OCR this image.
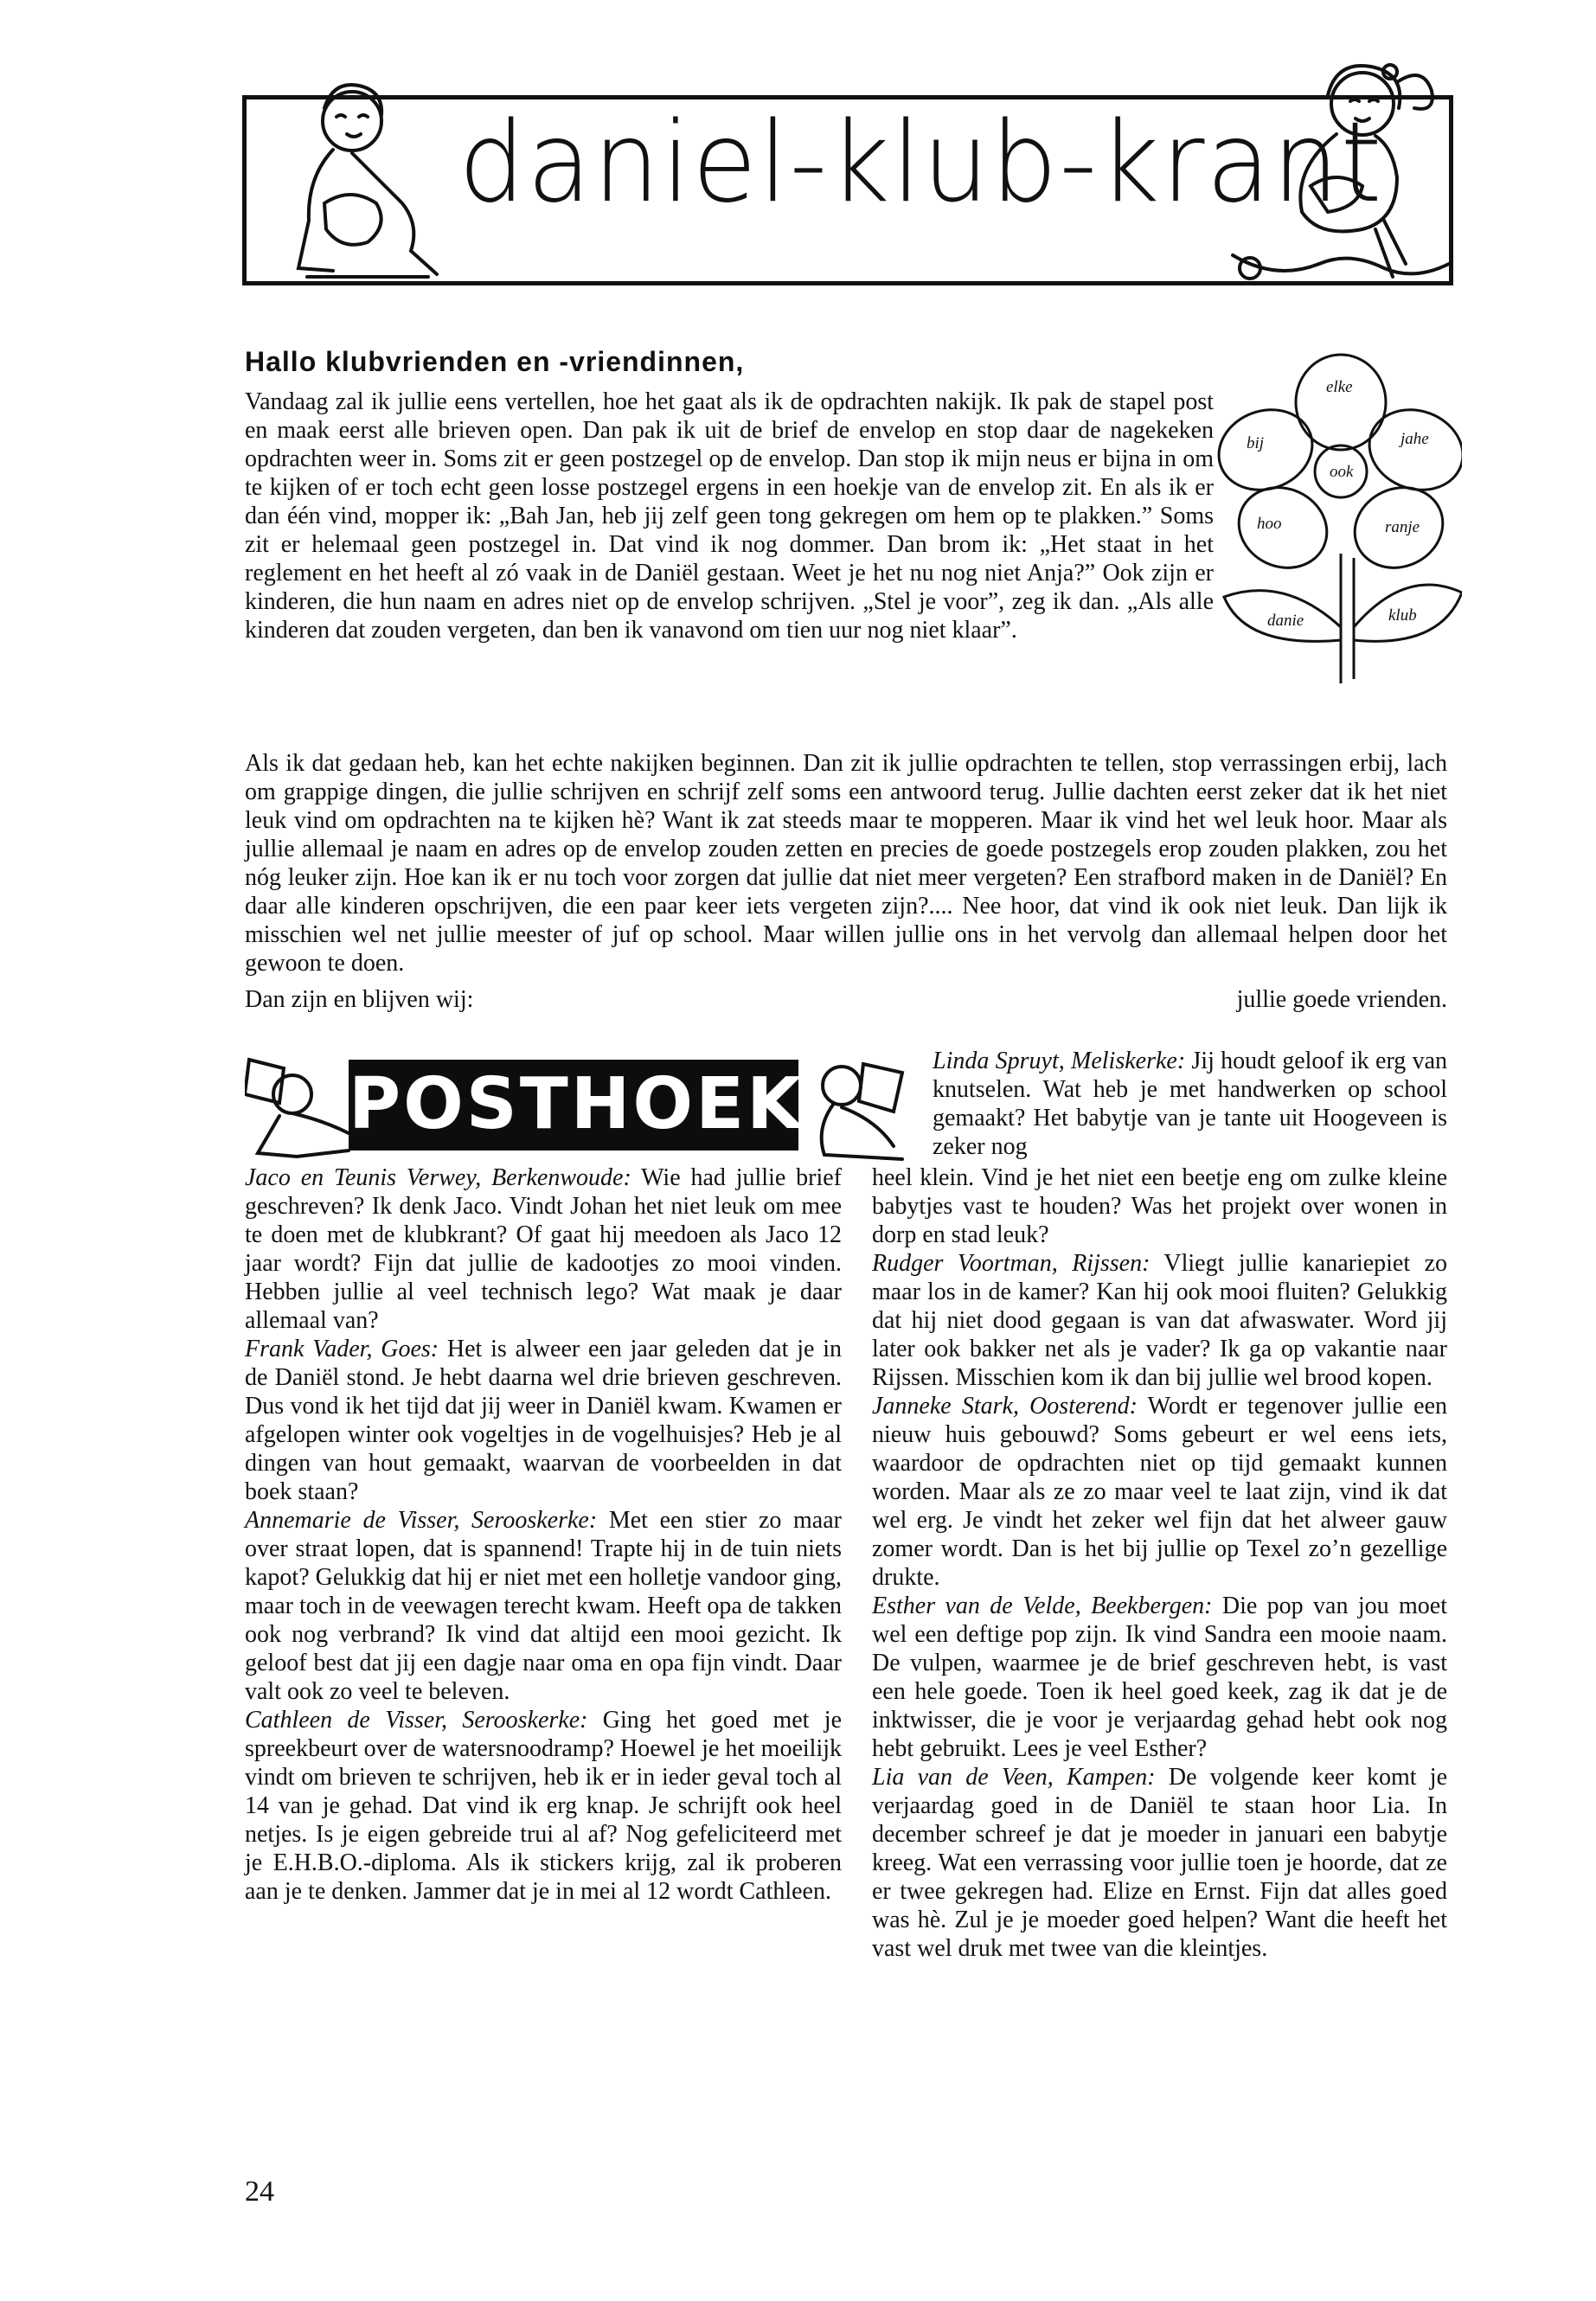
daniel-klub-krant
bij
elke
jahe
hoo	ranje
ook
danie	klub
Hallo klubvrienden en -vriendinnen,

Vandaag zal ik jullie eens vertellen, hoe het gaat als ik de opdrachten nakijk. Ik pak de stapel post en maak eerst alle brieven open. Dan pak ik uit de brief de envelop en stop daar de nagekeken opdrachten weer in. Soms zit er geen postzegel op de envelop. Dan stop ik mijn neus er bijna in om te kijken of er toch echt geen losse postzegel ergens in een hoekje van de envelop zit. En als ik er dan één vind, mopper ik: „Bah Jan, heb jij zelf geen tong gekregen om hem op te plakken.” Soms zit er helemaal geen postzegel in. Dat vind ik nog dommer. Dan brom ik: „Het staat in het reglement en het heeft al zó vaak in de Daniël gestaan. Weet je het nu nog niet Anja?” Ook zijn er kinderen, die hun naam en adres niet op de envelop schrijven. „Stel je voor”, zeg ik dan. „Als alle kinderen dat zouden vergeten, dan ben ik vanavond om tien uur nog niet klaar”.

Als ik dat gedaan heb, kan het echte nakijken beginnen. Dan zit ik jullie opdrachten te tellen, stop verrassingen erbij, lach om grappige dingen, die jullie schrijven en schrijf zelf soms een antwoord terug. Jullie dachten eerst zeker dat ik het niet leuk vind om opdrachten na te kijken hè? Want ik zat steeds maar te mopperen. Maar ik vind het wel leuk hoor. Maar als jullie allemaal je naam en adres op de envelop zouden zetten en precies de goede postzegels erop zouden plakken, zou het nóg leuker zijn. Hoe kan ik er nu toch voor zorgen dat jullie dat niet meer vergeten? Een strafbord maken in de Daniël? En daar alle kinderen opschrijven, die een paar keer iets vergeten zijn?.... Nee hoor, dat vind ik ook niet leuk. Dan lijk ik misschien wel net jullie meester of juf op school. Maar willen jullie ons in het vervolg dan allemaal helpen door het gewoon te doen.

Dan zijn en blijven wij:	jullie goede vrienden.
POSTHOEKJE

Linda Spruyt, Meliskerke: Jij houdt geloof ik erg van knutselen. Wat heb je met handwerken op school gemaakt? Het babytje van je tante uit Hoogeveen is zeker nog

Jaco en Teunis Verwey, Berkenwoude: Wie had jullie brief geschreven? Ik denk Jaco. Vindt Johan het niet leuk om mee te doen met de klubkrant? Of gaat hij meedoen als Jaco 12 jaar wordt? Fijn dat jullie de kadootjes zo mooi vinden. Hebben jullie al veel technisch lego? Wat maak je daar allemaal van?

Frank Vader, Goes: Het is alweer een jaar geleden dat je in de Daniël stond. Je hebt daarna wel drie brieven geschreven. Dus vond ik het tijd dat jij weer in Daniël kwam. Kwamen er afgelopen winter ook vogeltjes in de vogelhuisjes? Heb je al dingen van hout gemaakt, waarvan de voorbeelden in dat boek staan?

Annemarie de Visser, Serooskerke: Met een stier zo maar over straat lopen, dat is spannend! Trapte hij in de tuin niets kapot? Gelukkig dat hij er niet met een holletje vandoor ging, maar toch in de veewagen terecht kwam. Heeft opa de takken ook nog verbrand? Ik vind dat altijd een mooi gezicht. Ik geloof best dat jij een dagje naar oma en opa fijn vindt. Daar valt ook zo veel te beleven.

Cathleen de Visser, Serooskerke: Ging het goed met je spreekbeurt over de watersnoodramp? Hoewel je het moeilijk vindt om brieven te schrijven, heb ik er in ieder geval toch al 14 van je gehad. Dat vind ik erg knap. Je schrijft ook heel netjes. Is je eigen gebreide trui al af? Nog gefeliciteerd met je E.H.B.O.-diploma. Als ik stickers krijg, zal ik proberen aan je te denken. Jammer dat je in mei al 12 wordt Cathleen.

heel klein. Vind je het niet een beetje eng om zulke kleine babytjes vast te houden? Was het projekt over wonen in dorp en stad leuk?

Rudger Voortman, Rijssen: Vliegt jullie kanariepiet zo maar los in de kamer? Kan hij ook mooi fluiten? Gelukkig dat hij niet dood gegaan is van dat afwaswater. Word jij later ook bakker net als je vader? Ik ga op vakantie naar Rijssen. Misschien kom ik dan bij jullie wel brood kopen.

Janneke Stark, Oosterend: Wordt er tegenover jullie een nieuw huis gebouwd? Soms gebeurt er wel eens iets, waardoor de opdrachten niet op tijd gemaakt kunnen worden. Maar als ze zo maar veel te laat zijn, vind ik dat wel erg. Je vindt het zeker wel fijn dat het alweer gauw zomer wordt. Dan is het bij jullie op Texel zo’n gezellige drukte.

Esther van de Velde, Beekbergen: Die pop van jou moet wel een deftige pop zijn. Ik vind Sandra een mooie naam. De vulpen, waarmee je de brief geschreven hebt, is vast een hele goede. Toen ik heel goed keek, zag ik dat je de inktwisser, die je voor je verjaardag gehad hebt ook nog hebt gebruikt. Lees je veel Esther?

Lia van de Veen, Kampen: De volgende keer komt je verjaardag goed in de Daniël te staan hoor Lia. In december schreef je dat je moeder in januari een babytje kreeg. Wat een verrassing voor jullie toen je hoorde, dat ze er twee gekregen had. Elize en Ernst. Fijn dat alles goed was hè. Zul je je moeder goed helpen? Want die heeft het vast wel druk met twee van die kleintjes.

24
